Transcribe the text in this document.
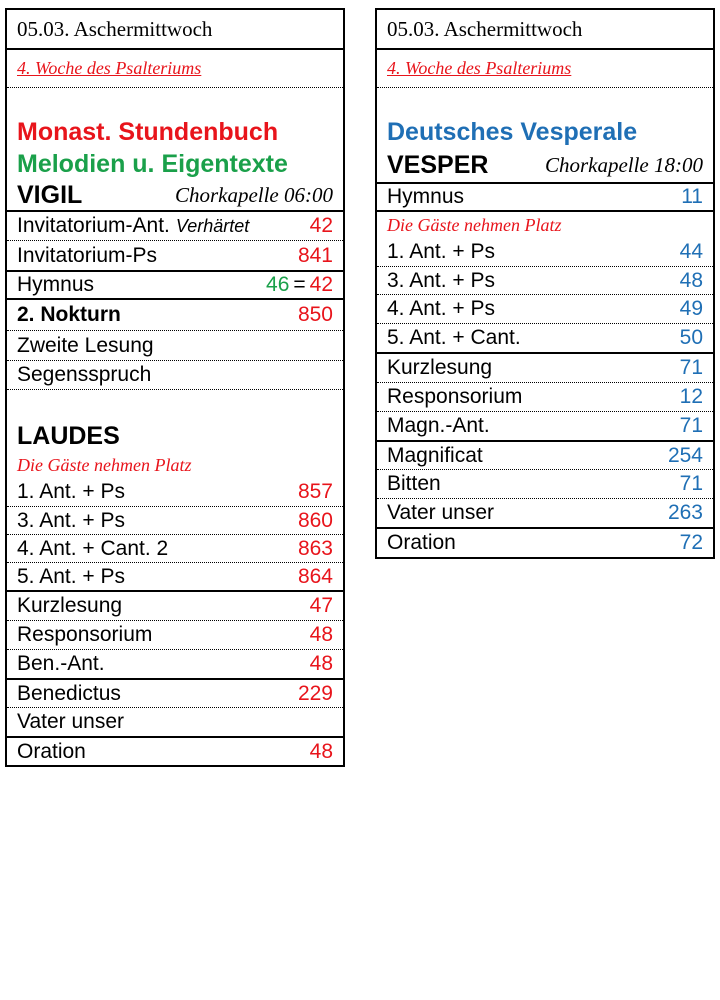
05.03. Aschermittwoch
4. Woche des Psalteriums
Monast. Stundenbuch
Melodien u. Eigentexte
VIGIL	Chorkapelle 06:00
Invitatorium-Ant. Verhärtet	42
Invitatorium-Ps	841
Hymnus	46 = 42
2. Nokturn	850
Zweite Lesung
Segensspruch
LAUDES
Die Gäste nehmen Platz
1. Ant. + Ps	857
3. Ant. + Ps	860
4. Ant. + Cant. 2	863
5. Ant. + Ps	864
Kurzlesung	47
Responsorium	48
Ben.-Ant.	48
Benedictus	229
Vater unser
Oration	48
05.03. Aschermittwoch
4. Woche des Psalteriums
Deutsches Vesperale
VESPER	Chorkapelle 18:00
Hymnus	11
Die Gäste nehmen Platz
1. Ant. + Ps	44
3. Ant. + Ps	48
4. Ant. + Ps	49
5. Ant. + Cant.	50
Kurzlesung	71
Responsorium	12
Magn.-Ant.	71
Magnificat	254
Bitten	71
Vater unser	263
Oration	72
